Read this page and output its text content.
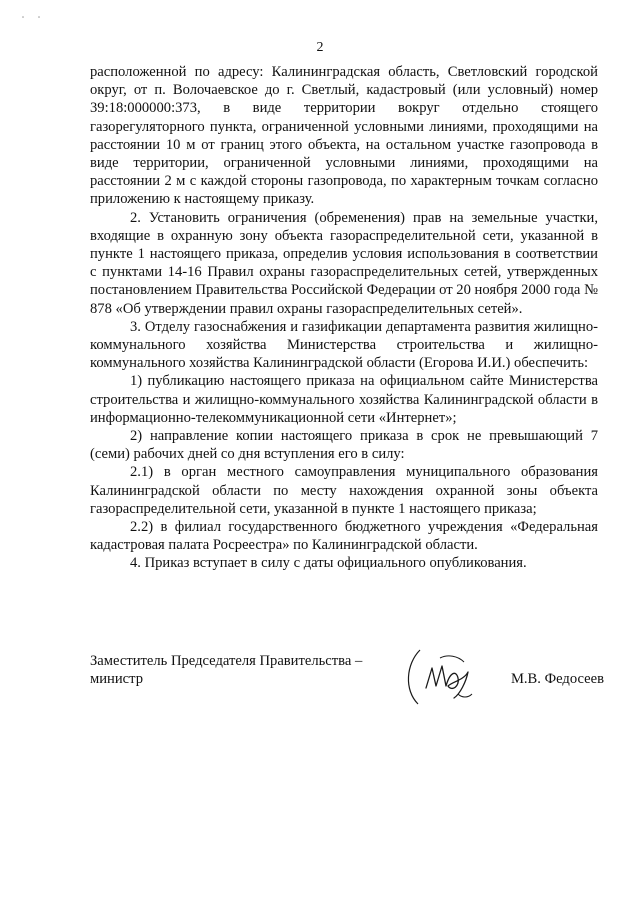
2

расположенной по адресу: Калининградская область, Светловский городской округ, от п. Волочаевское до г. Светлый, кадастровый (или условный) номер 39:18:000000:373, в виде территории вокруг отдельно стоящего газорегуляторного пункта, ограниченной условными линиями, проходящими на расстоянии 10 м от границ этого объекта, на остальном участке газопровода в виде территории, ограниченной условными линиями, проходящими на расстоянии 2 м с каждой стороны газопровода, по характерным точкам согласно приложению к настоящему приказу.

2. Установить ограничения (обременения) прав на земельные участки, входящие в охранную зону объекта газораспределительной сети, указанной в пункте 1 настоящего приказа, определив условия использования в соответствии с пунктами 14-16 Правил охраны газораспределительных сетей, утвержденных постановлением Правительства Российской Федерации от 20 ноября 2000 года № 878 «Об утверждении правил охраны газораспределительных сетей».

3. Отделу газоснабжения и газификации департамента развития жилищно-коммунального хозяйства Министерства строительства и жилищно-коммунального хозяйства Калининградской области (Егорова И.И.) обеспечить:

1) публикацию настоящего приказа на официальном сайте Министерства строительства и жилищно-коммунального хозяйства Калининградской области в информационно-телекоммуникационной сети «Интернет»;

2) направление копии настоящего приказа в срок не превышающий 7 (семи) рабочих дней со дня вступления его в силу:

2.1) в орган местного самоуправления муниципального образования Калининградской области по месту нахождения охранной зоны объекта газораспределительной сети, указанной в пункте 1 настоящего приказа;

2.2) в филиал государственного бюджетного учреждения «Федеральная кадастровая палата Росреестра» по Калининградской области.

4. Приказ вступает в силу с даты официального опубликования.

Заместитель Председателя Правительства –
министр	М.В. Федосеев
